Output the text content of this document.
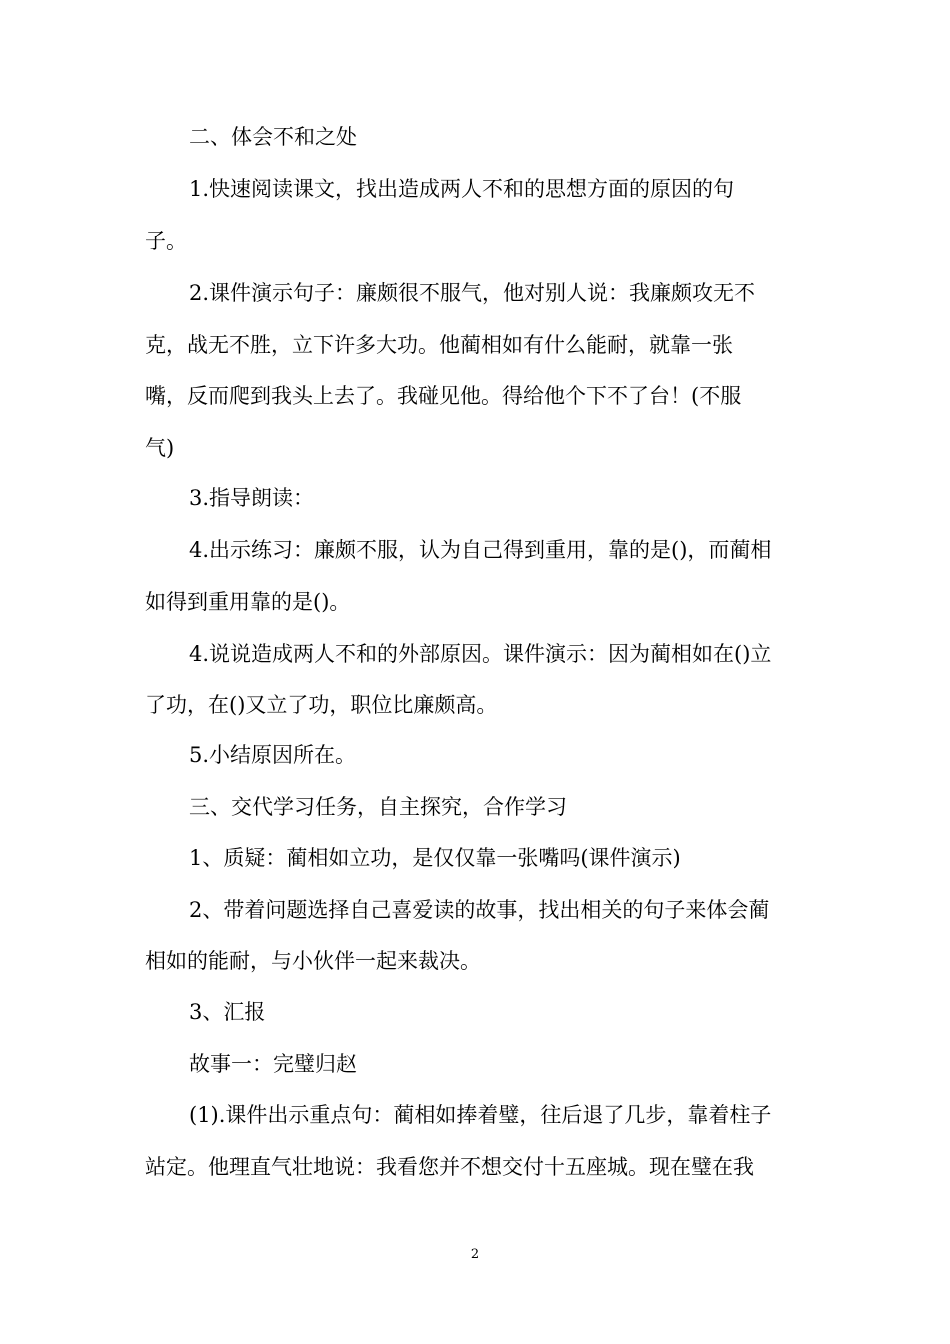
二、体会不和之处
1.快速阅读课文，找出造成两人不和的思想方面的原因的句
子。
2.课件演示句子：廉颇很不服气，他对别人说：我廉颇攻无不
克，战无不胜，立下许多大功。他蔺相如有什么能耐，就靠一张
嘴，反而爬到我头上去了。我碰见他。得给他个下不了台！(不服
气)
3.指导朗读：
4.出示练习：廉颇不服，认为自己得到重用，靠的是()，而蔺相
如得到重用靠的是()。
4.说说造成两人不和的外部原因。课件演示：因为蔺相如在()立
了功，在()又立了功，职位比廉颇高。
5.小结原因所在。
三、交代学习任务，自主探究，合作学习
1、质疑：蔺相如立功，是仅仅靠一张嘴吗(课件演示)
2、带着问题选择自己喜爱读的故事，找出相关的句子来体会蔺
相如的能耐，与小伙伴一起来裁决。
3、汇报
故事一：完璧归赵
(1).课件出示重点句：蔺相如捧着璧，往后退了几步，靠着柱子
站定。他理直气壮地说：我看您并不想交付十五座城。现在璧在我
2
